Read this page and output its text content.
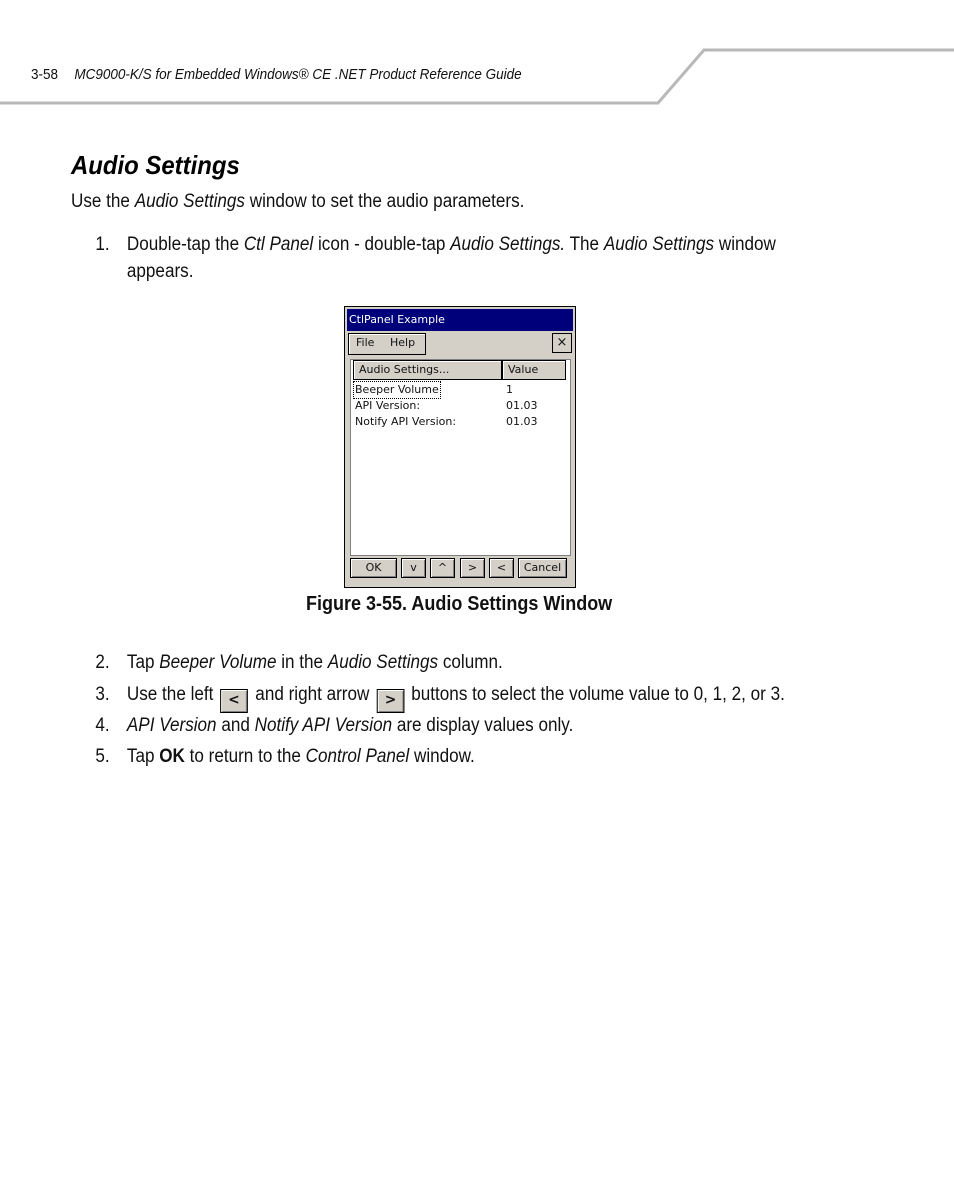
3-58 MC9000-K/S for Embedded Windows® CE .NET Product Reference Guide
Audio Settings
Use the Audio Settings window to set the audio parameters.
1. Double-tap the Ctl Panel icon - double-tap Audio Settings. The Audio Settings window
appears.
CtlPanel Example
File Help	×
Audio Settings...	Value
Beeper Volume	1
API Version:	01.03
Notify API Version:	01.03
OK	v	^	>	<	Cancel
Figure 3-55. Audio Settings Window
2. Tap Beeper Volume in the Audio Settings column.
3. Use the left < and right arrow > buttons to select the volume value to 0, 1, 2, or 3.
4. API Version and Notify API Version are display values only.
5. Tap OK to return to the Control Panel window.
